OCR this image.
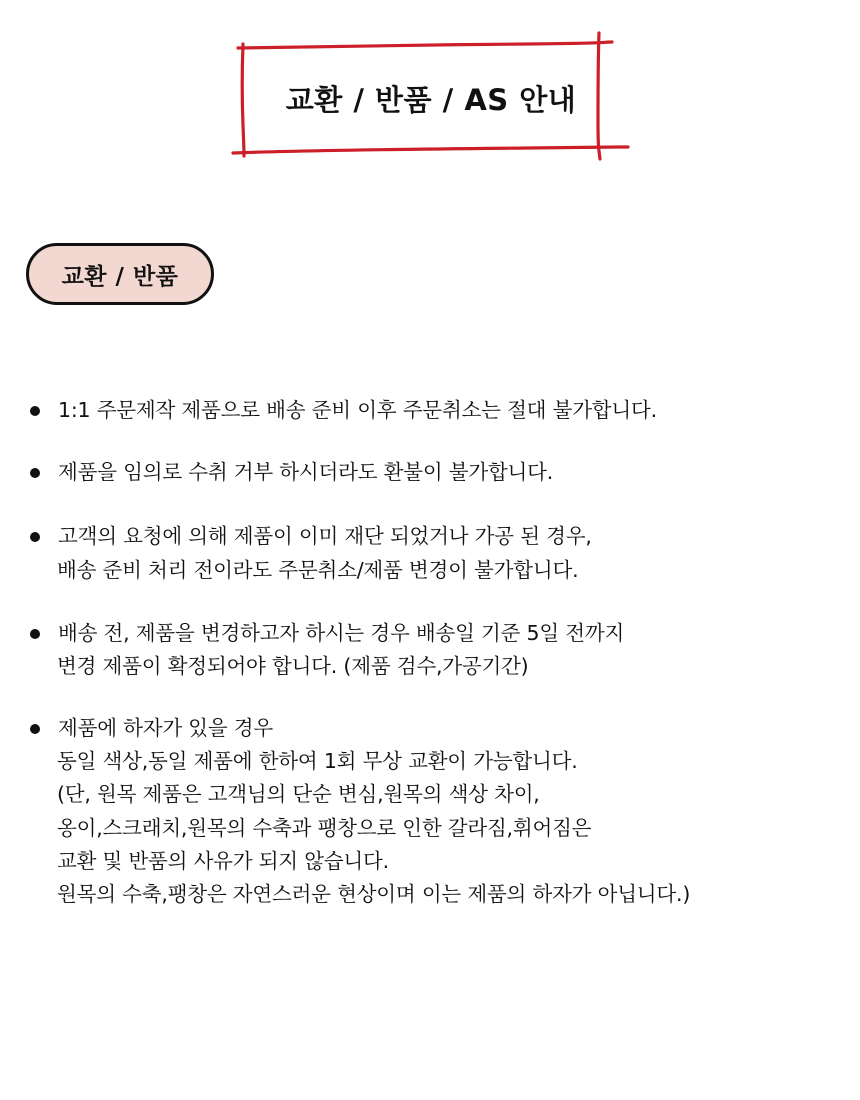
교환 / 반품 / AS 안내
교환 / 반품
1:1 주문제작 제품으로 배송 준비 이후 주문취소는 절대 불가합니다.
제품을 임의로 수취 거부 하시더라도 환불이 불가합니다.
고객의 요청에 의해 제품이 이미 재단 되었거나 가공 된 경우,
배송 준비 처리 전이라도 주문취소/제품 변경이 불가합니다.
배송 전, 제품을 변경하고자 하시는 경우 배송일 기준 5일 전까지
변경 제품이 확정되어야 합니다. (제품 검수,가공기간)
제품에 하자가 있을 경우
동일 색상,동일 제품에 한하여 1회 무상 교환이 가능합니다.
(단, 원목 제품은 고객님의 단순 변심,원목의 색상 차이,
옹이,스크래치,원목의 수축과 팽창으로 인한 갈라짐,휘어짐은
교환 및 반품의 사유가 되지 않습니다.
원목의 수축,팽창은 자연스러운 현상이며 이는 제품의 하자가 아닙니다.)
